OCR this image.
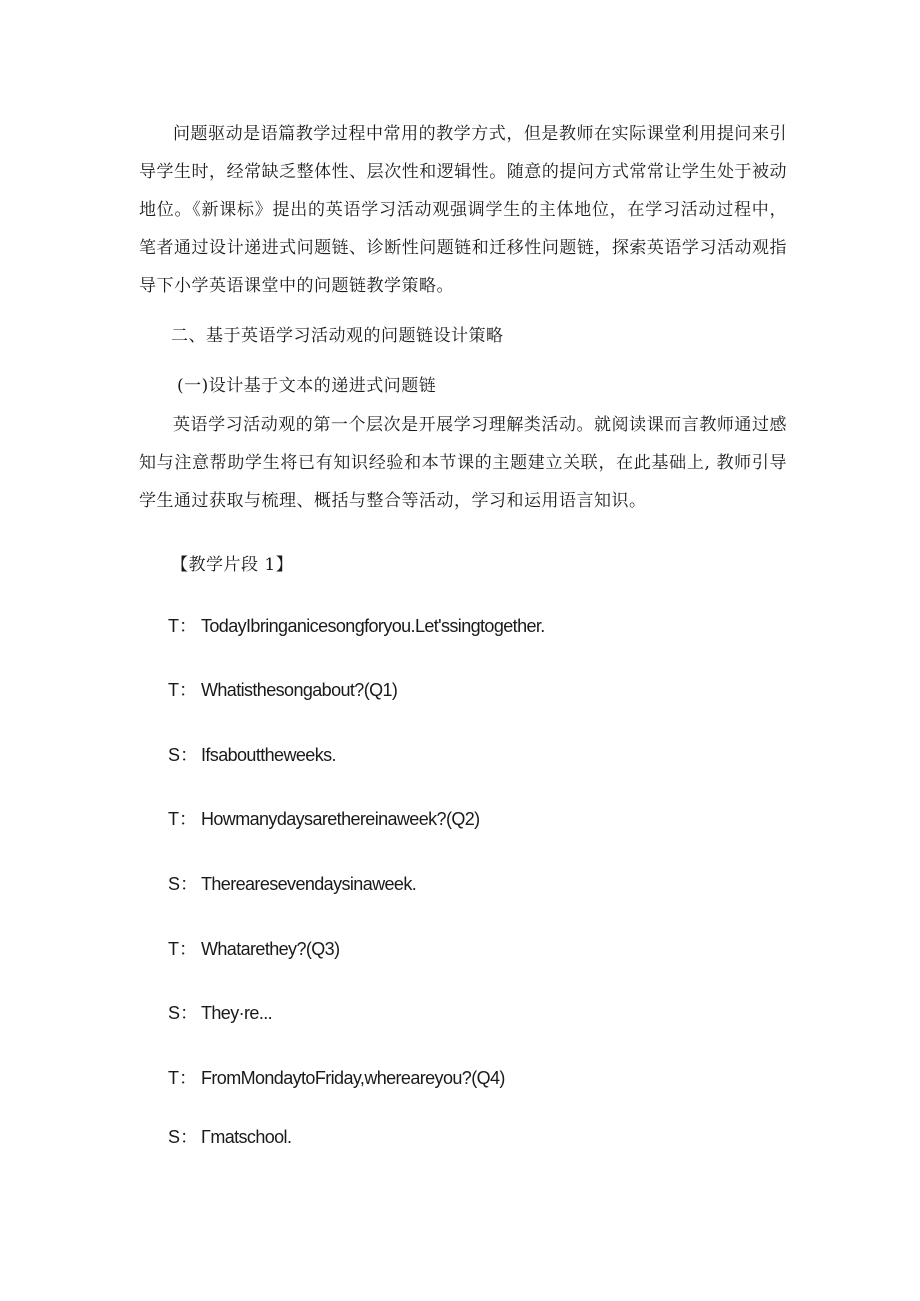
问题驱动是语篇教学过程中常用的教学方式，但是教师在实际课堂利用提问来引导学生时，经常缺乏整体性、层次性和逻辑性。随意的提问方式常常让学生处于被动地位。《新课标》提出的英语学习活动观强调学生的主体地位，在学习活动过程中，笔者通过设计递进式问题链、诊断性问题链和迁移性问题链，探索英语学习活动观指导下小学英语课堂中的问题链教学策略。

二、基于英语学习活动观的问题链设计策略

(一)设计基于文本的递进式问题链

英语学习活动观的第一个层次是开展学习理解类活动。就阅读课而言教师通过感知与注意帮助学生将已有知识经验和本节课的主题建立关联，在此基础上, 教师引导学生通过获取与梳理、概括与整合等活动，学习和运用语言知识。

【教学片段 1】

T： TodayIbringanicesongforyou.Let'ssingtogether.

T： Whatisthesongabout?(Q1)

S： Ifsabouttheweeks.

T： Howmanydaysarethereinaweek?(Q2)

S： Therearesevendaysinaweek.

T： Whatarethey?(Q3)

S： They·re...

T： FromMondaytoFriday,whereareyou?(Q4)

S： Γmatschool.
